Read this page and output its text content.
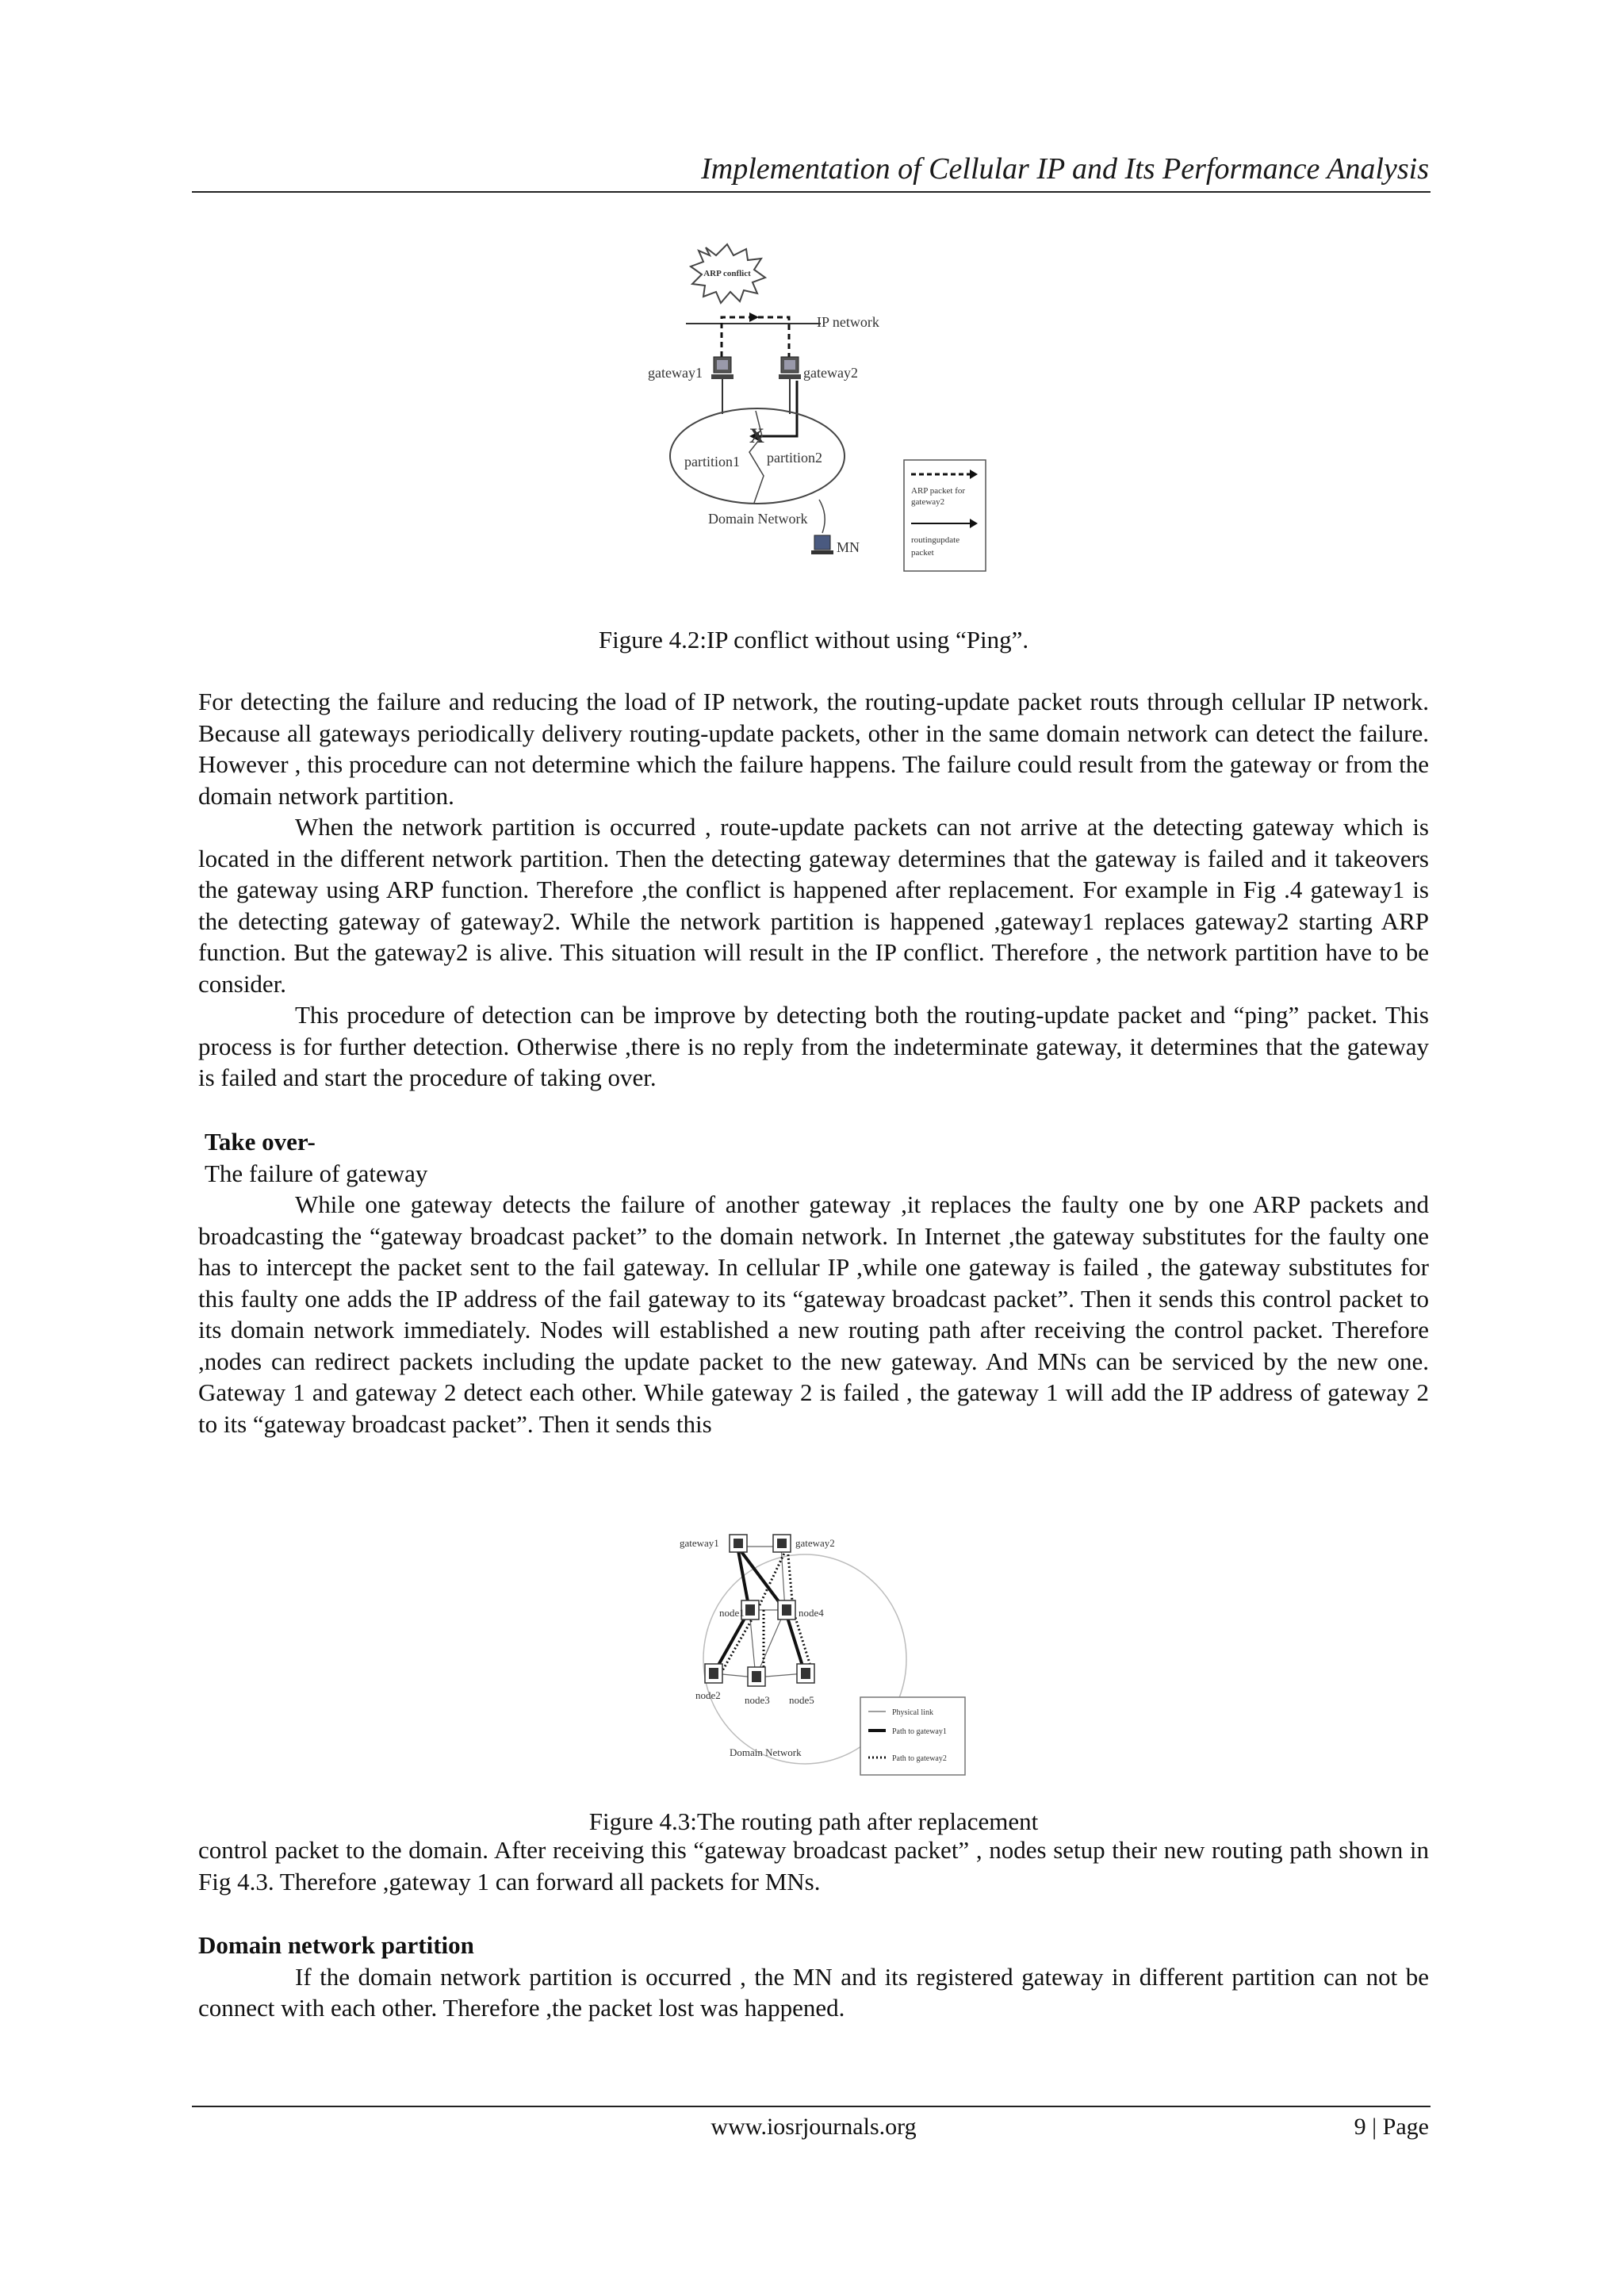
Implementation of Cellular IP and Its Performance Analysis
ARP conflict
IP network
gateway1	gateway2
X
partition1 partition2
Domain Network
MN
ARP packet for
gateway2
routingupdate
packet
Figure 4.2:IP conflict without using “Ping”.

For detecting the failure and reducing the load of IP network, the routing-update packet routs through cellular IP network. Because all gateways periodically delivery routing-update packets, other in the same domain network can detect the failure. However , this procedure can not determine which the failure happens. The failure could result from the gateway or from the domain network partition.

When the network partition is occurred , route-update packets can not arrive at the detecting gateway which is located in the different network partition. Then the detecting gateway determines that the gateway is failed and it takeovers the gateway using ARP function. Therefore ,the conflict is happened after replacement. For example in Fig .4 gateway1 is the detecting gateway of gateway2. While the network partition is happened ,gateway1 replaces gateway2 starting ARP function. But the gateway2 is alive. This situation will result in the IP conflict. Therefore , the network partition have to be consider.

This procedure of detection can be improve by detecting both the routing-update packet and “ping” packet. This process is for further detection. Otherwise ,there is no reply from the indeterminate gateway, it determines that the gateway is failed and start the procedure of taking over.

Take over-

The failure of gateway

While one gateway detects the failure of another gateway ,it replaces the faulty one by one ARP packets and broadcasting the “gateway broadcast packet” to the domain network. In Internet ,the gateway substitutes for the faulty one has to intercept the packet sent to the fail gateway. In cellular IP ,while one gateway is failed , the gateway substitutes for this faulty one adds the IP address of the fail gateway to its “gateway broadcast packet”. Then it sends this control packet to its domain network immediately. Nodes will established a new routing path after receiving the control packet. Therefore ,nodes can redirect packets including the update packet to the new gateway. And MNs can be serviced by the new one. Gateway 1 and gateway 2 detect each other. While gateway 2 is failed , the gateway 1 will add the IP address of gateway 2 to its “gateway broadcast packet”. Then it sends this

gateway1	gateway2
node1	node4
node2 node3 node5
Domain Network
Physical link
Path to gateway1
Path to gateway2
Figure 4.3:The routing path after replacement

control packet to the domain. After receiving this “gateway broadcast packet” , nodes setup their new routing path shown in Fig 4.3. Therefore ,gateway 1 can forward all packets for MNs.

Domain network partition

If the domain network partition is occurred , the MN and its registered gateway in different partition can not be connect with each other. Therefore ,the packet lost was happened.

www.iosrjournals.org	9 | Page
